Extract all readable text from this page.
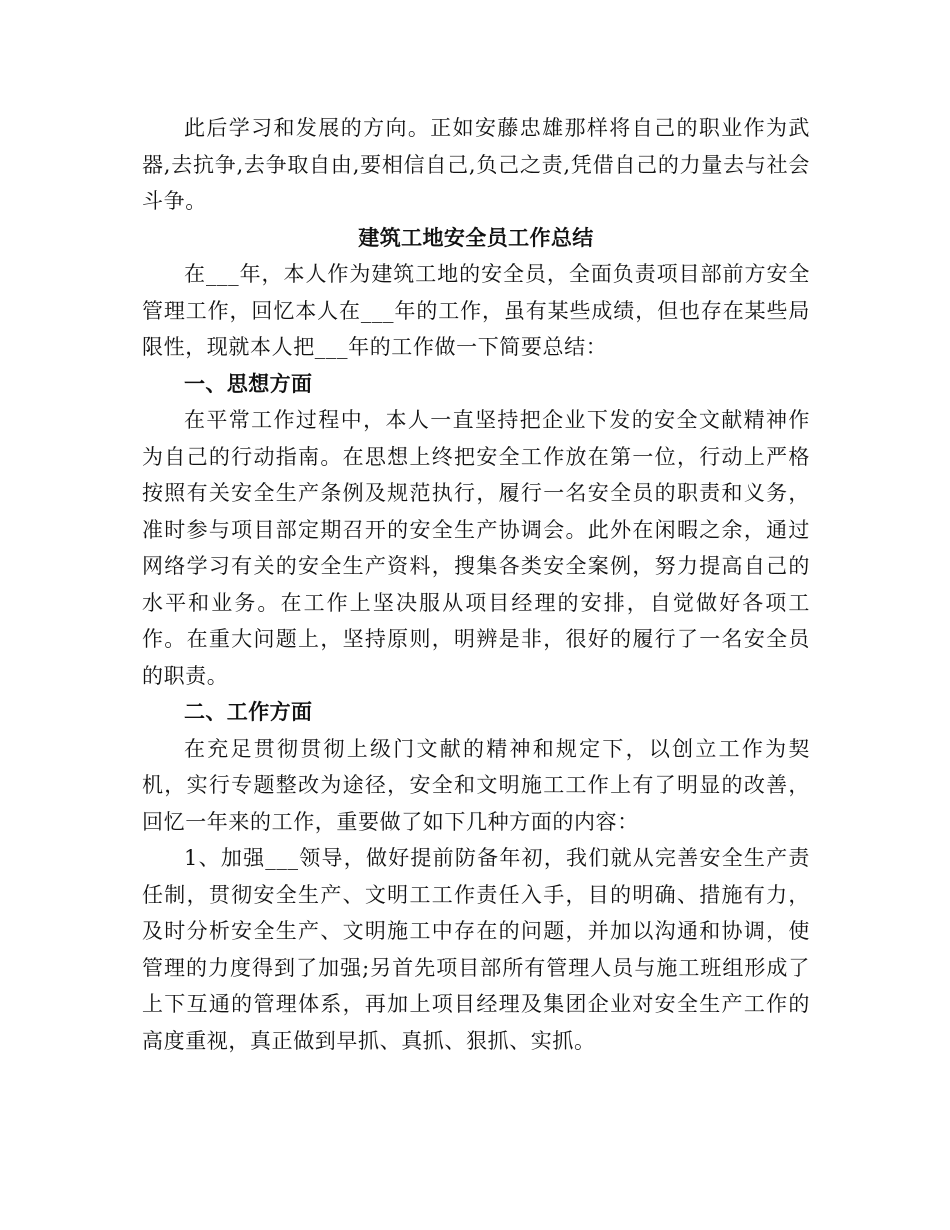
此后学习和发展的方向。正如安藤忠雄那样将自己的职业作为武器,去抗争,去争取自由,要相信自己,负己之责,凭借自己的力量去与社会斗争。

建筑工地安全员工作总结

在___年，本人作为建筑工地的安全员，全面负责项目部前方安全管理工作，回忆本人在___年的工作，虽有某些成绩，但也存在某些局限性，现就本人把___年的工作做一下简要总结：

一、思想方面

在平常工作过程中，本人一直坚持把企业下发的安全文献精神作为自己的行动指南。在思想上终把安全工作放在第一位，行动上严格按照有关安全生产条例及规范执行，履行一名安全员的职责和义务，准时参与项目部定期召开的安全生产协调会。此外在闲暇之余，通过网络学习有关的安全生产资料，搜集各类安全案例，努力提高自己的水平和业务。在工作上坚决服从项目经理的安排，自觉做好各项工作。在重大问题上，坚持原则，明辨是非，很好的履行了一名安全员的职责。

二、工作方面

在充足贯彻贯彻上级门文献的精神和规定下，以创立工作为契机，实行专题整改为途径，安全和文明施工工作上有了明显的改善，回忆一年来的工作，重要做了如下几种方面的内容：

1、加强___领导，做好提前防备年初，我们就从完善安全生产责任制，贯彻安全生产、文明工工作责任入手，目的明确、措施有力，及时分析安全生产、文明施工中存在的问题，并加以沟通和协调，使管理的力度得到了加强;另首先项目部所有管理人员与施工班组形成了上下互通的管理体系，再加上项目经理及集团企业对安全生产工作的高度重视，真正做到早抓、真抓、狠抓、实抓。
